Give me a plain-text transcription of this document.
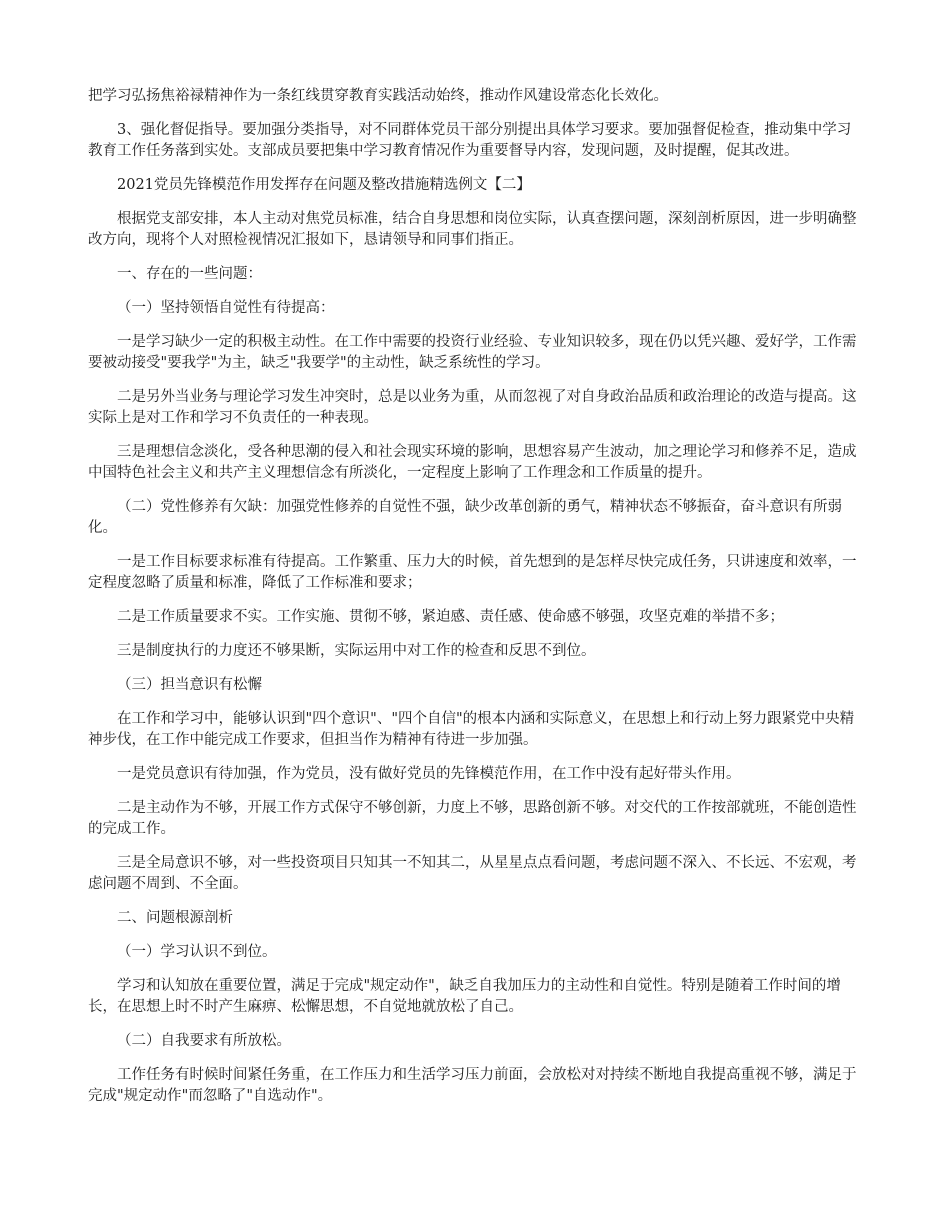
把学习弘扬焦裕禄精神作为一条红线贯穿教育实践活动始终，推动作风建设常态化长效化。

3、强化督促指导。要加强分类指导，对不同群体党员干部分别提出具体学习要求。要加强督促检查，推动集中学习教育工作任务落到实处。支部成员要把集中学习教育情况作为重要督导内容，发现问题，及时提醒，促其改进。

2021党员先锋模范作用发挥存在问题及整改措施精选例文【二】

根据党支部安排，本人主动对焦党员标准，结合自身思想和岗位实际，认真查摆问题，深刻剖析原因，进一步明确整改方向，现将个人对照检视情况汇报如下，恳请领导和同事们指正。

一、存在的一些问题：

（一）坚持领悟自觉性有待提高：

一是学习缺少一定的积极主动性。在工作中需要的投资行业经验、专业知识较多，现在仍以凭兴趣、爱好学，工作需要被动接受"要我学"为主，缺乏"我要学"的主动性，缺乏系统性的学习。

二是另外当业务与理论学习发生冲突时，总是以业务为重，从而忽视了对自身政治品质和政治理论的改造与提高。这实际上是对工作和学习不负责任的一种表现。

三是理想信念淡化，受各种思潮的侵入和社会现实环境的影响，思想容易产生波动，加之理论学习和修养不足，造成中国特色社会主义和共产主义理想信念有所淡化，一定程度上影响了工作理念和工作质量的提升。

（二）党性修养有欠缺：加强党性修养的自觉性不强，缺少改革创新的勇气，精神状态不够振奋，奋斗意识有所弱化。

一是工作目标要求标准有待提高。工作繁重、压力大的时候，首先想到的是怎样尽快完成任务，只讲速度和效率，一定程度忽略了质量和标准，降低了工作标准和要求；

二是工作质量要求不实。工作实施、贯彻不够，紧迫感、责任感、使命感不够强，攻坚克难的举措不多；

三是制度执行的力度还不够果断，实际运用中对工作的检查和反思不到位。

（三）担当意识有松懈

在工作和学习中，能够认识到"四个意识"、"四个自信"的根本内涵和实际意义，在思想上和行动上努力跟紧党中央精神步伐，在工作中能完成工作要求，但担当作为精神有待进一步加强。

一是党员意识有待加强，作为党员，没有做好党员的先锋模范作用，在工作中没有起好带头作用。

二是主动作为不够，开展工作方式保守不够创新，力度上不够，思路创新不够。对交代的工作按部就班，不能创造性的完成工作。

三是全局意识不够，对一些投资项目只知其一不知其二，从星星点点看问题，考虑问题不深入、不长远、不宏观，考虑问题不周到、不全面。

二、问题根源剖析

（一）学习认识不到位。

学习和认知放在重要位置，满足于完成"规定动作"，缺乏自我加压力的主动性和自觉性。特别是随着工作时间的增长，在思想上时不时产生麻痹、松懈思想，不自觉地就放松了自己。

（二）自我要求有所放松。

工作任务有时候时间紧任务重，在工作压力和生活学习压力前面，会放松对对持续不断地自我提高重视不够，满足于完成"规定动作"而忽略了"自选动作"。
